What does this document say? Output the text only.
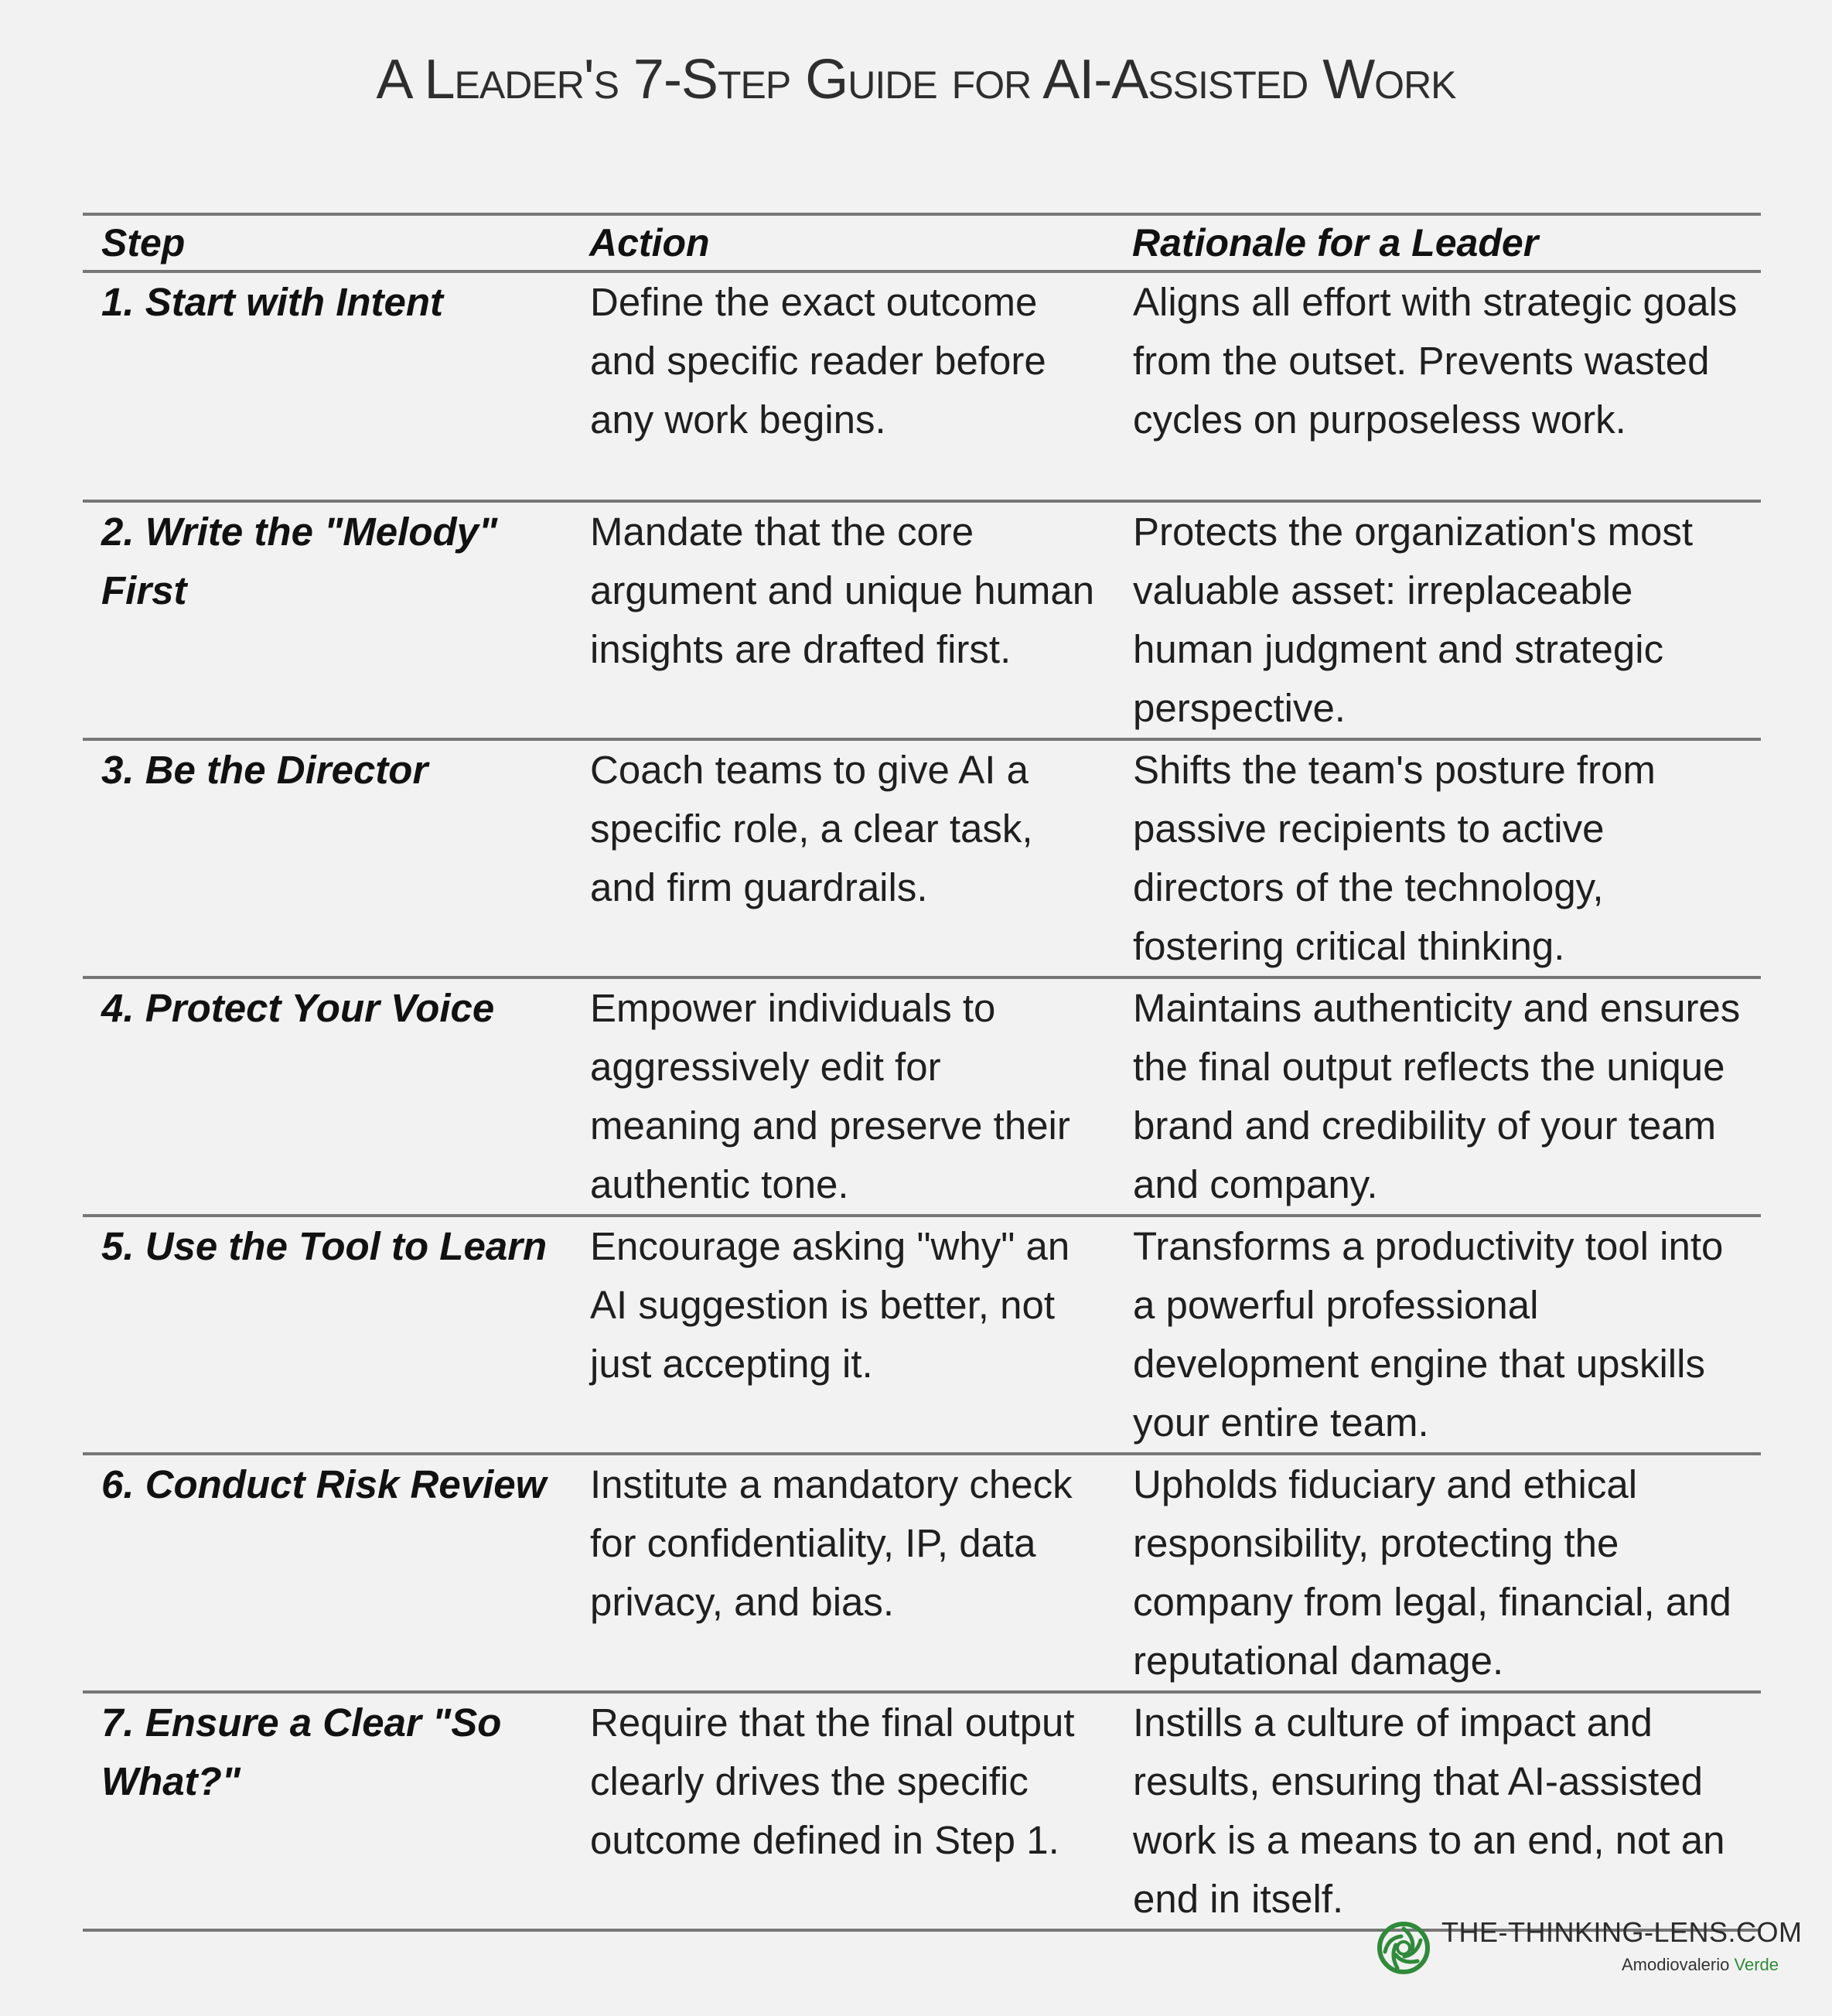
A Leader's 7-Step Guide for AI-Assisted Work
Step	Action	Rationale for a Leader
1. Start with Intent	Define the exact outcome and specific reader before any work begins.	Aligns all effort with strategic goals from the outset. Prevents wasted cycles on purposeless work.
2. Write the "Melody" First	Mandate that the core argument and unique human insights are drafted first.	Protects the organization's most valuable asset: irreplaceable human judgment and strategic perspective.
3. Be the Director	Coach teams to give AI a specific role, a clear task, and firm guardrails.	Shifts the team's posture from passive recipients to active directors of the technology, fostering critical thinking.
4. Protect Your Voice	Empower individuals to aggressively edit for meaning and preserve their authentic tone.	Maintains authenticity and ensures the final output reflects the unique brand and credibility of your team and company.
5. Use the Tool to Learn	Encourage asking "why" an AI suggestion is better, not just accepting it.	Transforms a productivity tool into a powerful professional development engine that upskills your entire team.
6. Conduct Risk Review	Institute a mandatory check for confidentiality, IP, data privacy, and bias.	Upholds fiduciary and ethical responsibility, protecting the company from legal, financial, and reputational damage.
7. Ensure a Clear "So What?"	Require that the final output clearly drives the specific outcome defined in Step 1.	Instills a culture of impact and results, ensuring that AI-assisted work is a means to an end, not an end in itself.
THE-THINKING-LENS.COM
Amodiovalerio Verde
